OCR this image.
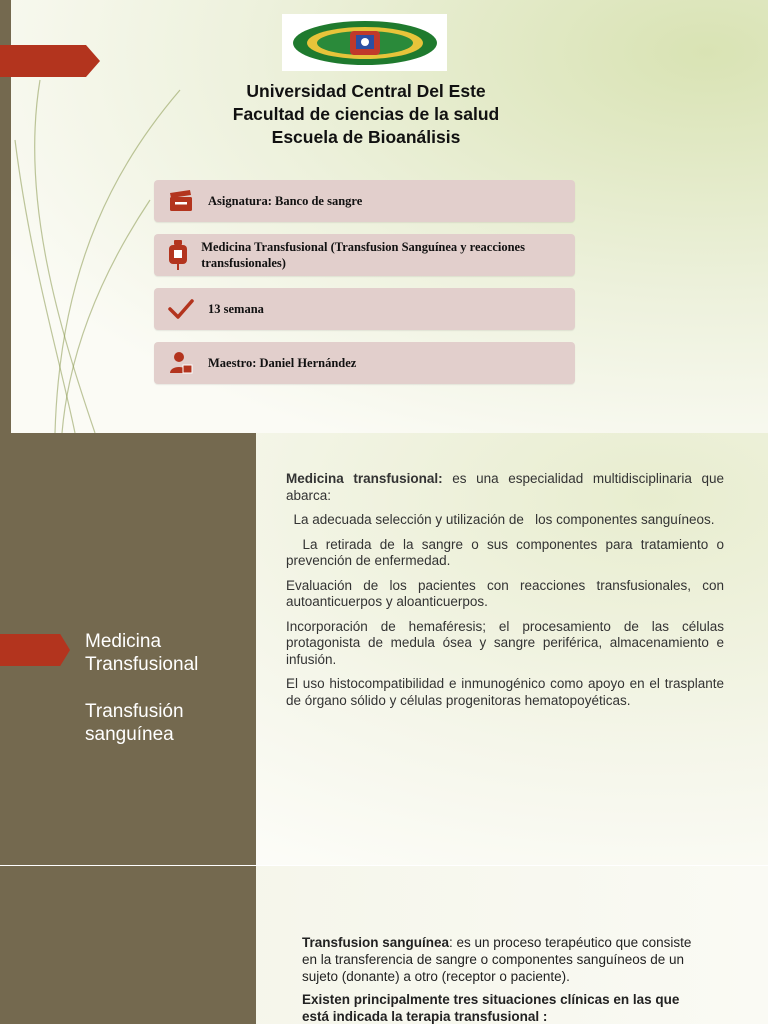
Universidad Central Del Este
Facultad de ciencias de la salud
Escuela de Bioanálisis
Asignatura: Banco de sangre
Medicina Transfusional (Transfusion Sanguínea y reacciones transfusionales)
13 semana
Maestro: Daniel Hernández
Medicina Transfusional
Transfusión sanguínea

Medicina transfusional: es una especialidad multidisciplinaria que abarca:

La adecuada selección y utilización de   los componentes sanguíneos.

La retirada de la sangre o sus componentes para tratamiento o prevención de enfermedad.

Evaluación de los pacientes con reacciones transfusionales, con autoanticuerpos y aloanticuerpos.

Incorporación de hemaféresis; el procesamiento de las células protagonista de medula ósea y sangre periférica, almacenamiento e infusión.

El uso histocompatibilidad e inmunogénico como apoyo en el trasplante de órgano sólido y células progenitoras hematopoyéticas.

Transfusion sanguínea: es un proceso terapéutico que consiste en la transferencia de sangre o componentes sanguíneos de un sujeto (donante) a otro (receptor o paciente).

Existen principalmente tres situaciones clínicas en las que está indicada la terapia transfusional :
